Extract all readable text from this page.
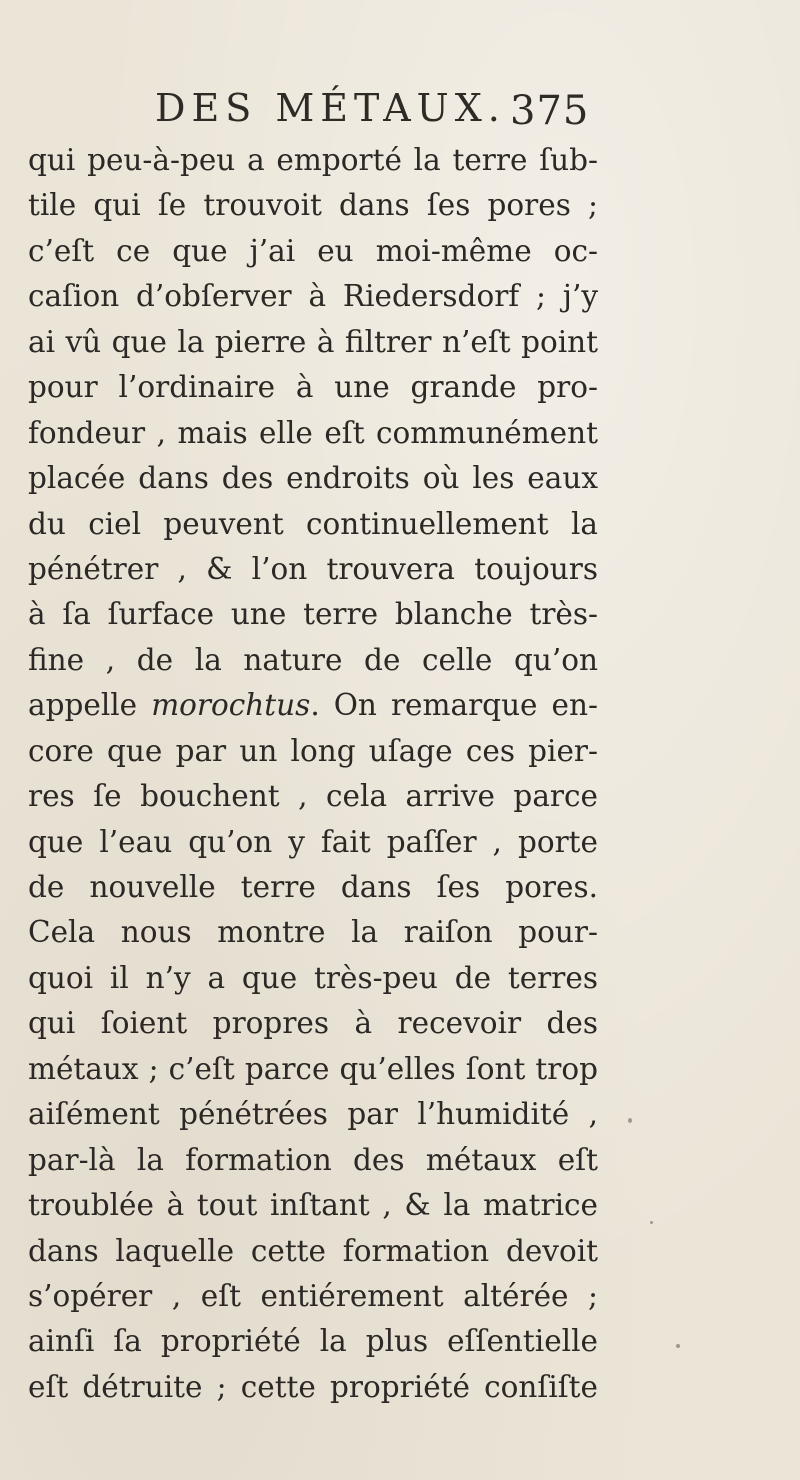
DES MÉTAUX. 375
qui peu-à-peu a emporté la terre ſub-
tile qui ſe trouvoit dans ſes pores ;
c’eſt ce que j’ai eu moi-même oc-
caſion d’obſerver à Riedersdorf ; j’y
ai vû que la pierre à filtrer n’eſt point
pour l’ordinaire à une grande pro-
fondeur , mais elle eſt communément
placée dans des endroits où les eaux
du ciel peuvent continuellement la
pénétrer , & l’on trouvera toujours
à ſa ſurface une terre blanche très-
fine , de la nature de celle qu’on
appelle morochtus. On remarque en-
core que par un long uſage ces pier-
res ſe bouchent , cela arrive parce
que l’eau qu’on y fait paſſer , porte
de nouvelle terre dans ſes pores.
Cela nous montre la raiſon pour-
quoi il n’y a que très-peu de terres
qui ſoient propres à recevoir des
métaux ; c’eſt parce qu’elles ſont trop
aiſément pénétrées par l’humidité ,
par-là la formation des métaux eſt
troublée à tout inſtant , & la matrice
dans laquelle cette formation devoit
s’opérer , eſt entiérement altérée ;
ainſi ſa propriété la plus eſſentielle
eſt détruite ; cette propriété conſiſte
